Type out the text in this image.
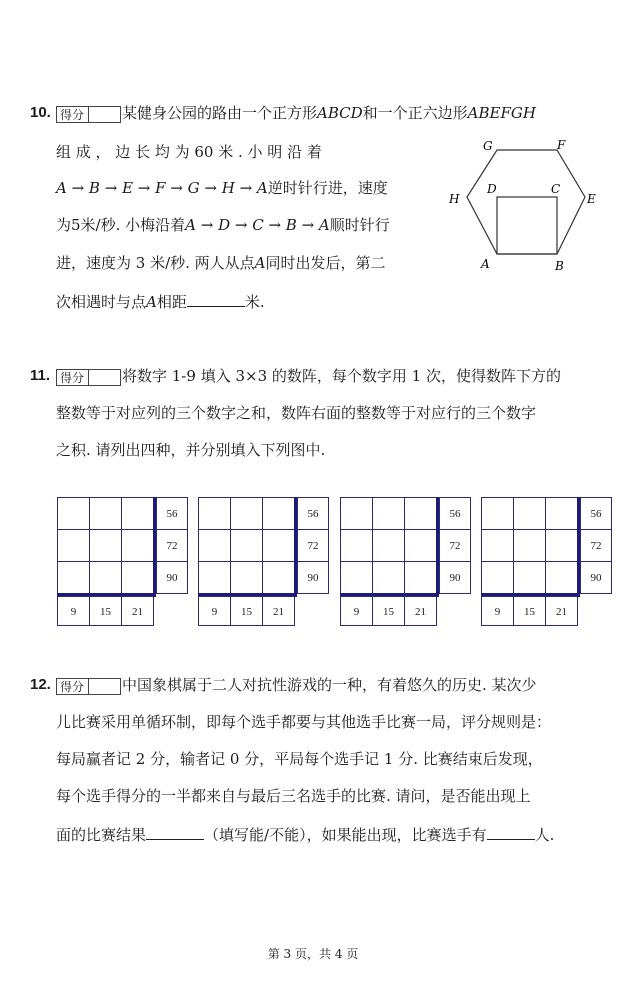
10. 得分	某健身公园的路由一个正方形ABCD和一个正六边形ABEFGH
组 成 ， 边 长 均 为 60 米 . 小 明 沿 着
A → B → E → F → G → H → A逆时针行进，速度
为5米/秒. 小梅沿着A → D → C → B → A顺时针行
进，速度为 3 米/秒. 两人从点A同时出发后，第二
次相遇时与点A相距	米.
G	F
H	E
D	C
A	B
11. 得分	将数字 1-9 填入 3×3 的数阵，每个数字用 1 次，使得数阵下方的
整数等于对应列的三个数字之和，数阵右面的整数等于对应行的三个数字
之积. 请列出四种，并分别填入下列图中.
56
72
90
9	15	21
56
72
90
9	15	21
56
72
90
9	15	21
56
72
90
9	15	21
12. 得分	中国象棋属于二人对抗性游戏的一种，有着悠久的历史. 某次少
儿比赛采用单循环制，即每个选手都要与其他选手比赛一局，评分规则是：
每局赢者记 2 分，输者记 0 分，平局每个选手记 1 分. 比赛结束后发现，
每个选手得分的一半都来自与最后三名选手的比赛. 请问，是否能出现上
面的比赛结果	（填写能/不能），如果能出现，比赛选手有	人.
第 3 页，共 4 页
